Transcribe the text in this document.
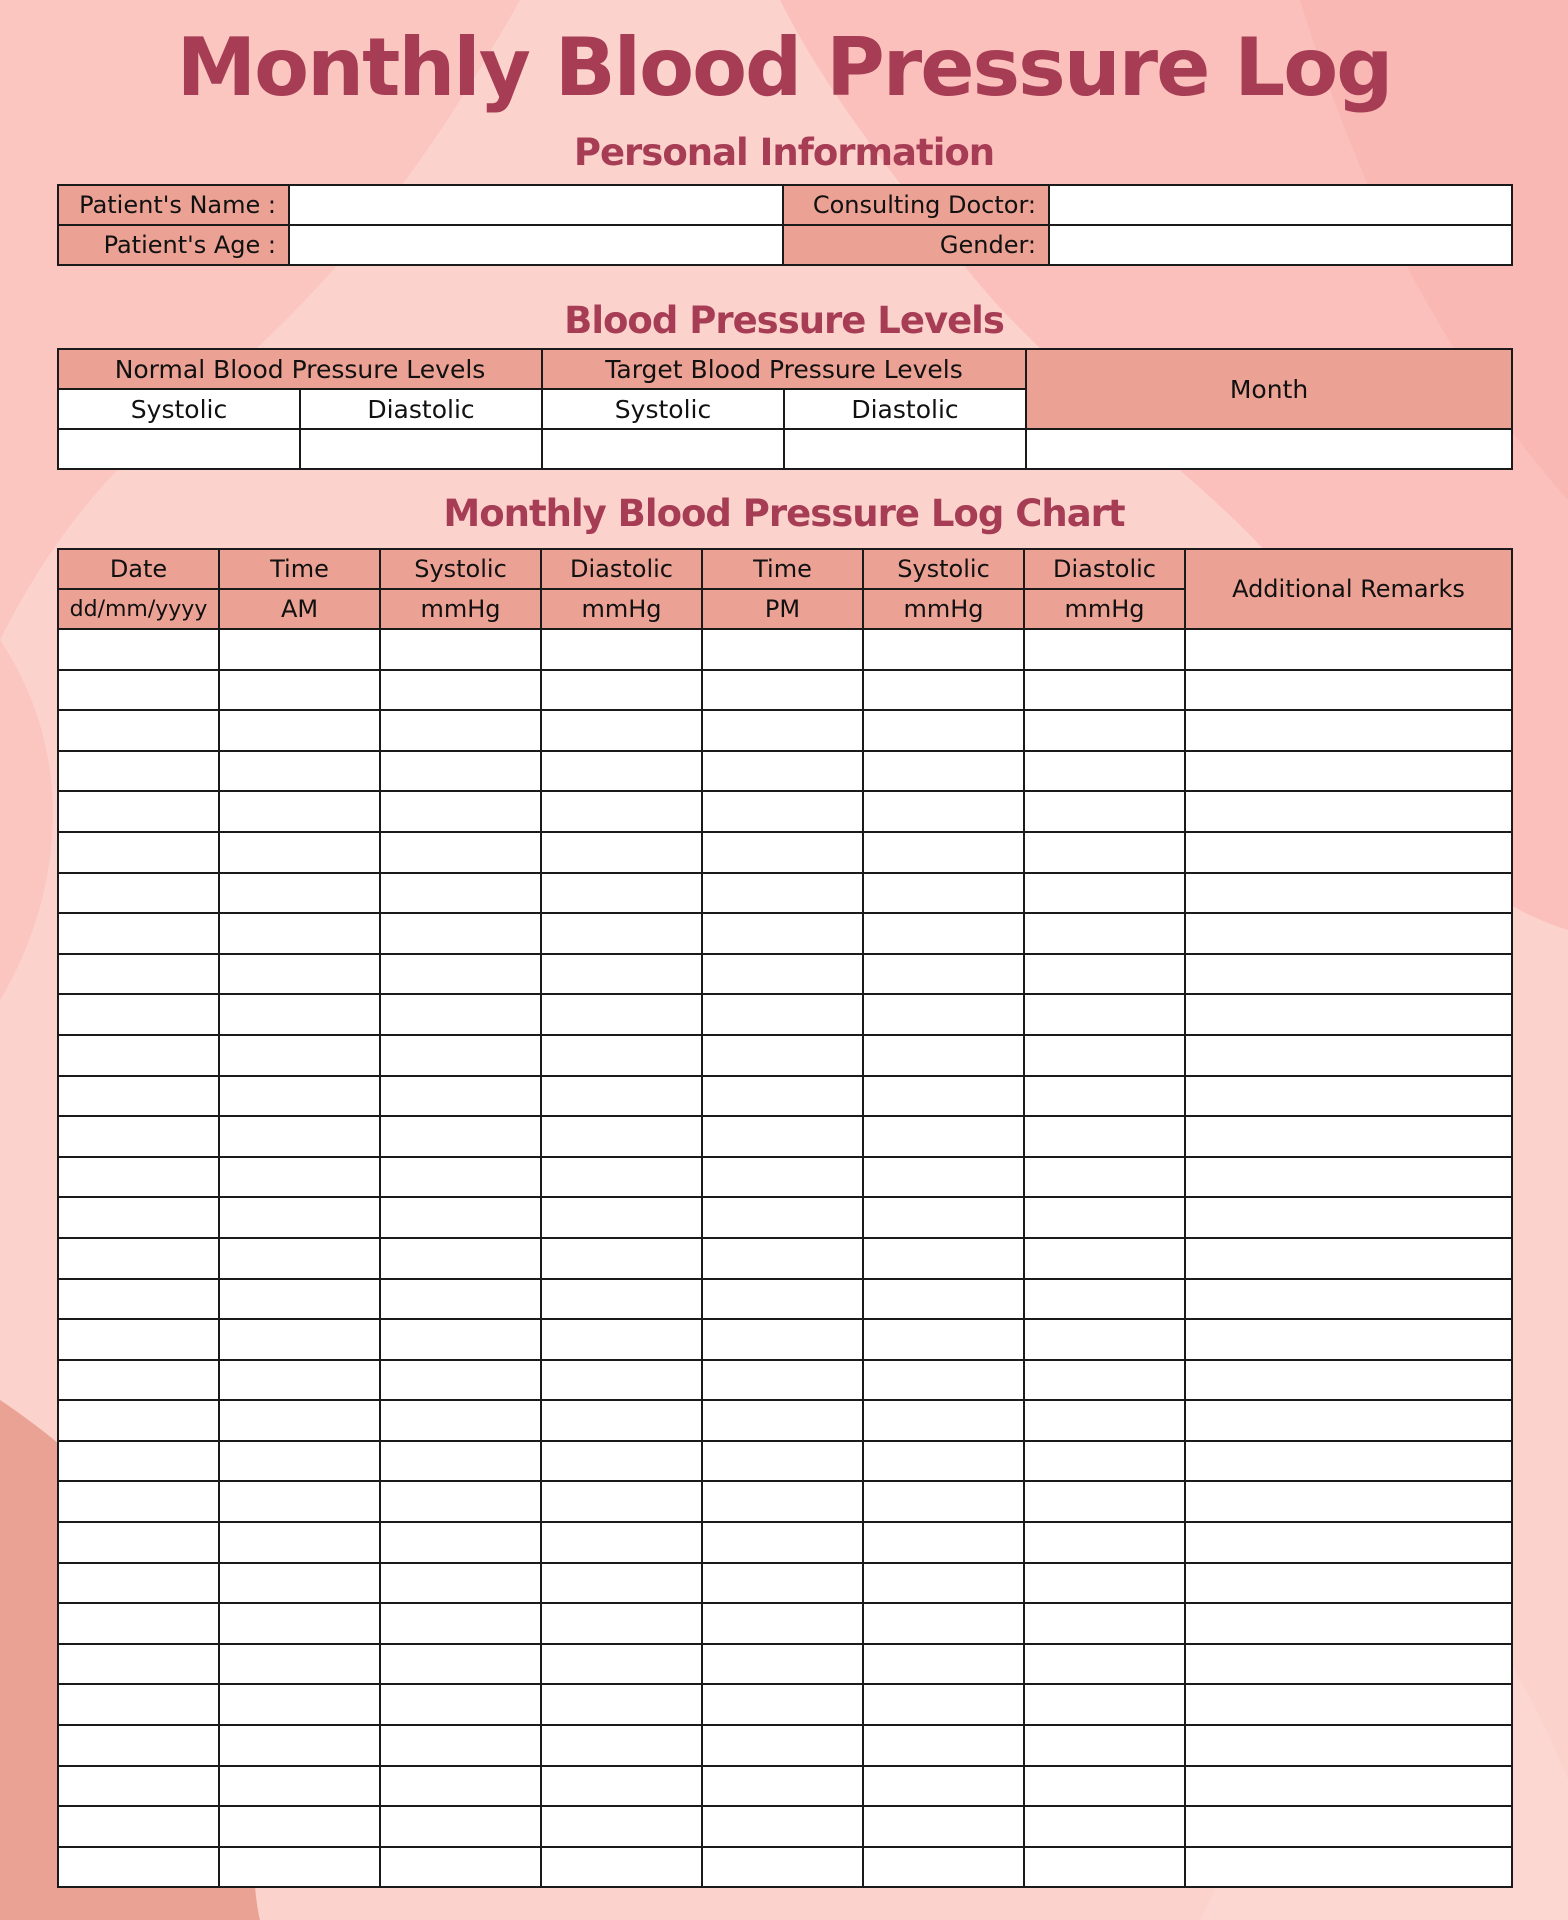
Monthly Blood Pressure Log
Personal Information
Patient's Name :		Consulting Doctor:	
Patient's Age :		Gender:	
Blood Pressure Levels
Normal Blood Pressure Levels		Target Blood Pressure Levels		Month
Systolic	Diastolic	Systolic	Diastolic	

Monthly Blood Pressure Log Chart
Date	Time	Systolic	Diastolic	Time	Systolic	Diastolic	Additional Remarks
dd/mm/yyyy	AM	mmHg	mmHg	PM	mmHg	mmHg	
